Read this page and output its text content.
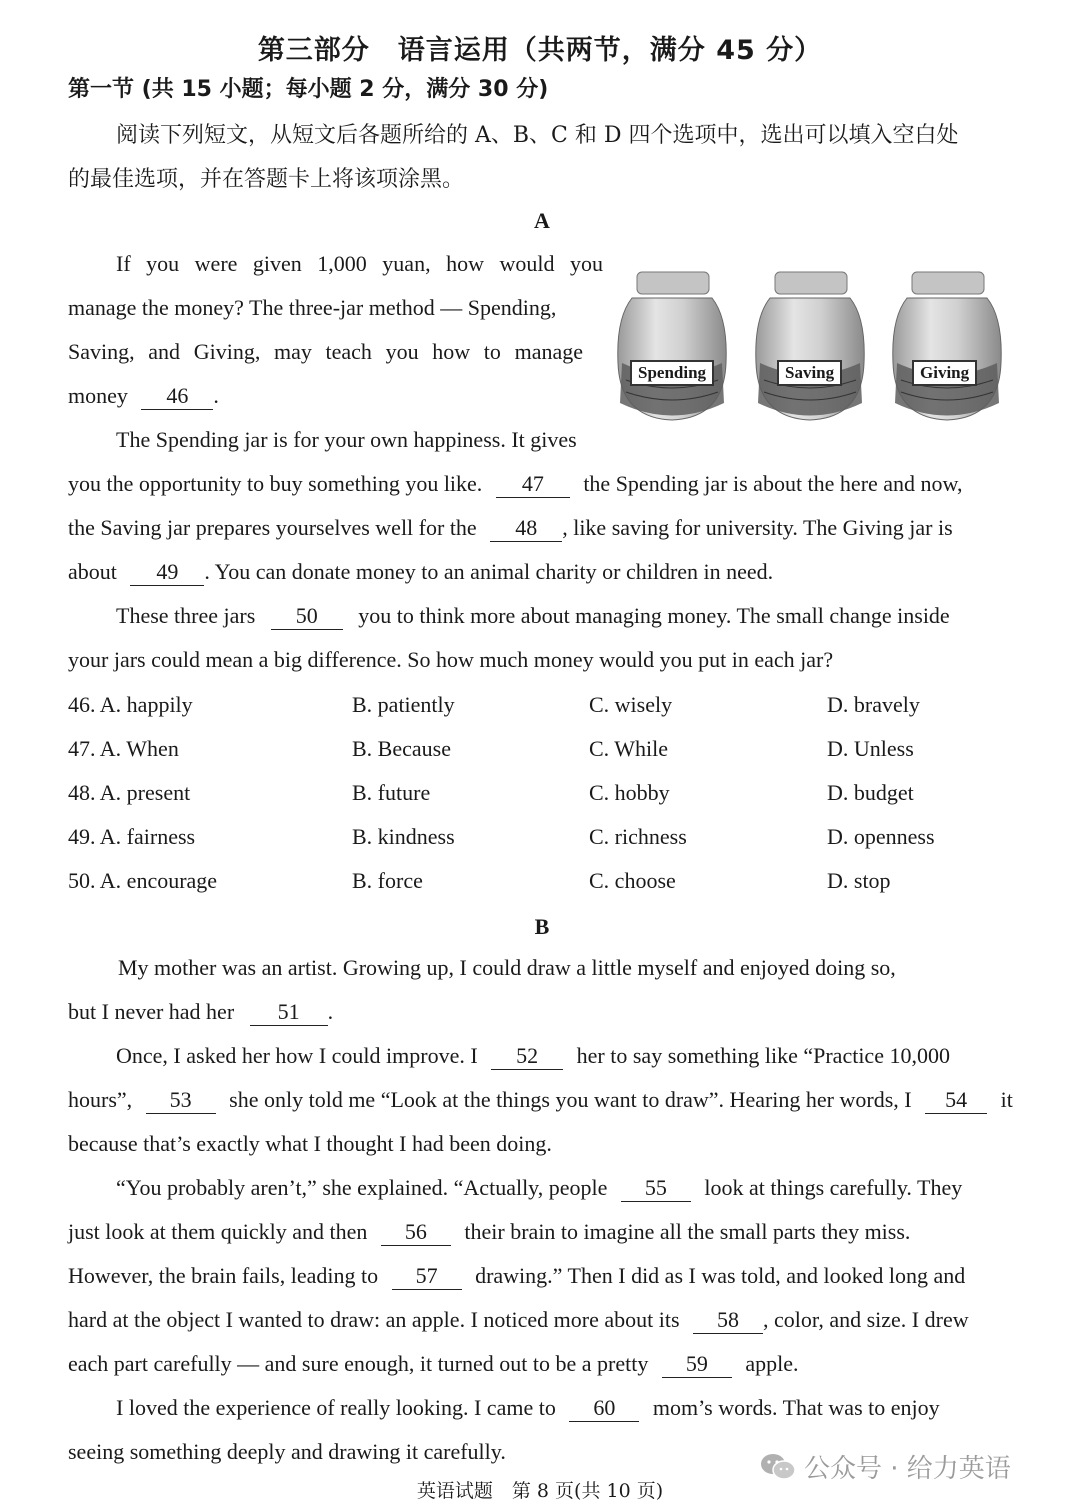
第三部分　语言运用（共两节，满分 45 分）
第一节 (共 15 小题；每小题 2 分，满分 30 分)
阅读下列短文，从短文后各题所给的 A、B、C 和 D 四个选项中，选出可以填入空白处
的最佳选项，并在答题卡上将该项涂黑。
A
If you were given 1,000 yuan, how would you
manage the money? The three-jar method — Spending,
Saving, and Giving, may teach you how to manage
money 46 .
Spending	Saving	Giving
The Spending jar is for your own happiness. It gives
you the opportunity to buy something you like. 47 the Spending jar is about the here and now,
the Saving jar prepares yourselves well for the 48 , like saving for university. The Giving jar is
about 49 . You can donate money to an animal charity or children in need.
These three jars 50 you to think more about managing money. The small change inside
your jars could mean a big difference. So how much money would you put in each jar?
46. A. happily	B. patiently	C. wisely	D. bravely
47. A. When	B. Because	C. While	D. Unless
48. A. present	B. future	C. hobby	D. budget
49. A. fairness	B. kindness	C. richness	D. openness
50. A. encourage	B. force	C. choose	D. stop
B
My mother was an artist. Growing up, I could draw a little myself and enjoyed doing so,
but I never had her 51 .
Once, I asked her how I could improve. I 52 her to say something like “Practice 10,000
hours”, 53 she only told me “Look at the things you want to draw”. Hearing her words, I 54 it
because that’s exactly what I thought I had been doing.
“You probably aren’t,” she explained. “Actually, people 55 look at things carefully. They
just look at them quickly and then 56 their brain to imagine all the small parts they miss.
However, the brain fails, leading to 57 drawing.” Then I did as I was told, and looked long and
hard at the object I wanted to draw: an apple. I noticed more about its 58 , color, and size. I drew
each part carefully — and sure enough, it turned out to be a pretty 59 apple.
I loved the experience of really looking. I came to 60 mom’s words. That was to enjoy
seeing something deeply and drawing it carefully.
英语试题　第 8 页(共 10 页)
公众号 · 给力英语
